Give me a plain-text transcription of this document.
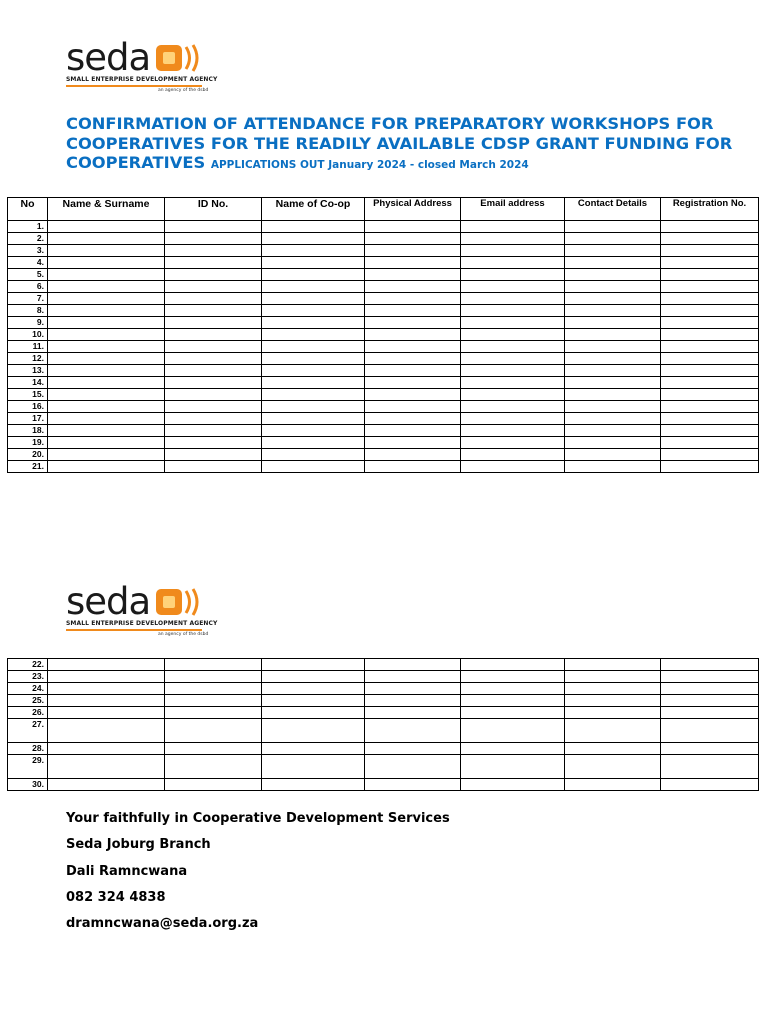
seda
SMALL ENTERPRISE DEVELOPMENT AGENCY
an agency of the dsbd

CONFIRMATION OF ATTENDANCE FOR PREPARATORY WORKSHOPS FOR COOPERATIVES FOR THE READILY AVAILABLE CDSP GRANT FUNDING FOR COOPERATIVES APPLICATIONS OUT January 2024 - closed March 2024

No	Name & Surname	ID No.	Name of Co-op	Physical Address	Email address	Contact Details	Registration No.
1.							
2.							
3.							
4.							
5.							
6.							
7.							
8.							
9.							
10.							
11.							
12.							
13.							
14.							
15.							
16.							
17.							
18.							
19.							
20.							
21.							
seda
SMALL ENTERPRISE DEVELOPMENT AGENCY
an agency of the dsbd
22.							
23.							
24.							
25.							
26.							
27.							
28.							
29.							
30.							
Your faithfully in Cooperative Development Services
Seda Joburg Branch
Dali Ramncwana
082 324 4838
dramncwana@seda.org.za
